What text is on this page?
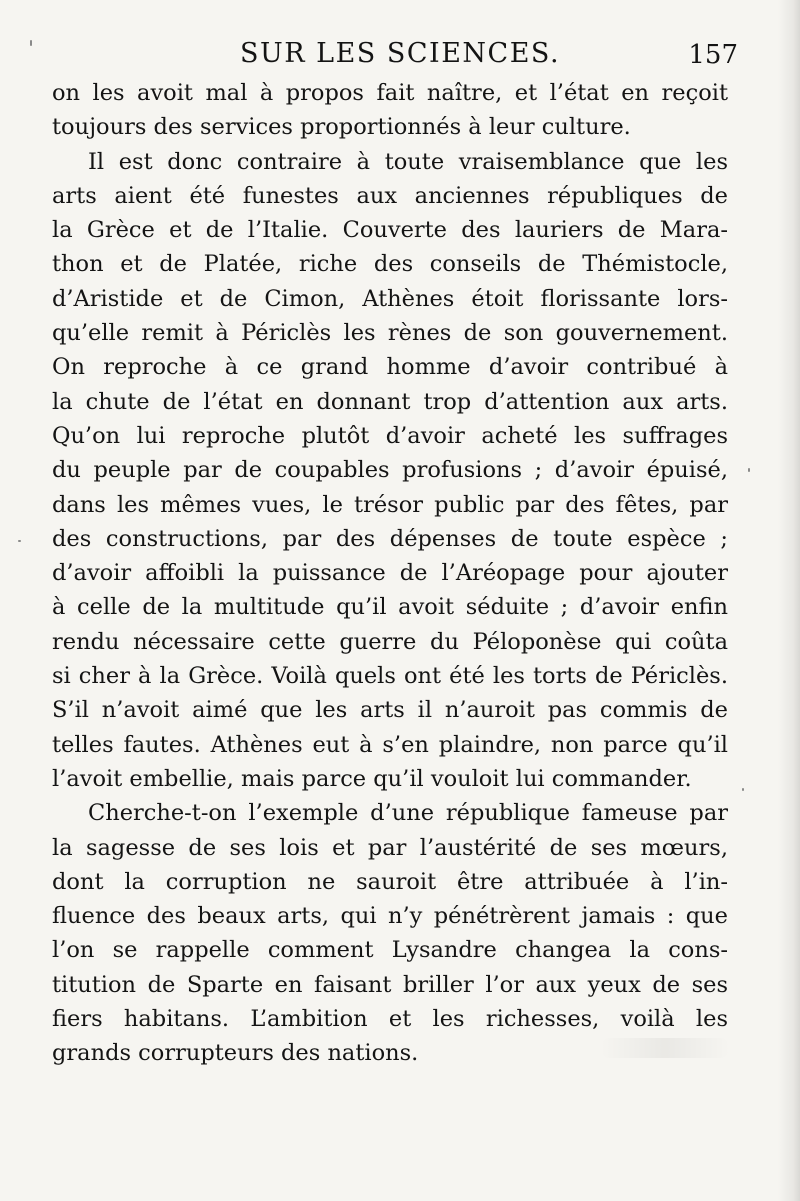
SUR LES SCIENCES.	157
on les avoit mal à propos fait naître, et l’état en reçoit
toujours des services proportionnés à leur culture.
Il est donc contraire à toute vraisemblance que les
arts aient été funestes aux anciennes républiques de
la Grèce et de l’Italie. Couverte des lauriers de Mara-
thon et de Platée, riche des conseils de Thémistocle,
d’Aristide et de Cimon, Athènes étoit florissante lors-
qu’elle remit à Périclès les rènes de son gouvernement.
On reproche à ce grand homme d’avoir contribué à
la chute de l’état en donnant trop d’attention aux arts.
Qu’on lui reproche plutôt d’avoir acheté les suffrages
du peuple par de coupables profusions ; d’avoir épuisé,
dans les mêmes vues, le trésor public par des fêtes, par
des constructions, par des dépenses de toute espèce ;
d’avoir affoibli la puissance de l’Aréopage pour ajouter
à celle de la multitude qu’il avoit séduite ; d’avoir enfin
rendu nécessaire cette guerre du Péloponèse qui coûta
si cher à la Grèce. Voilà quels ont été les torts de Périclès.
S’il n’avoit aimé que les arts il n’auroit pas commis de
telles fautes. Athènes eut à s’en plaindre, non parce qu’il
l’avoit embellie, mais parce qu’il vouloit lui commander.
Cherche-t-on l’exemple d’une république fameuse par
la sagesse de ses lois et par l’austérité de ses mœurs,
dont la corruption ne sauroit être attribuée à l’in-
fluence des beaux arts, qui n’y pénétrèrent jamais : que
l’on se rappelle comment Lysandre changea la cons-
titution de Sparte en faisant briller l’or aux yeux de ses
fiers habitans. L’ambition et les richesses, voilà les
grands corrupteurs des nations.
